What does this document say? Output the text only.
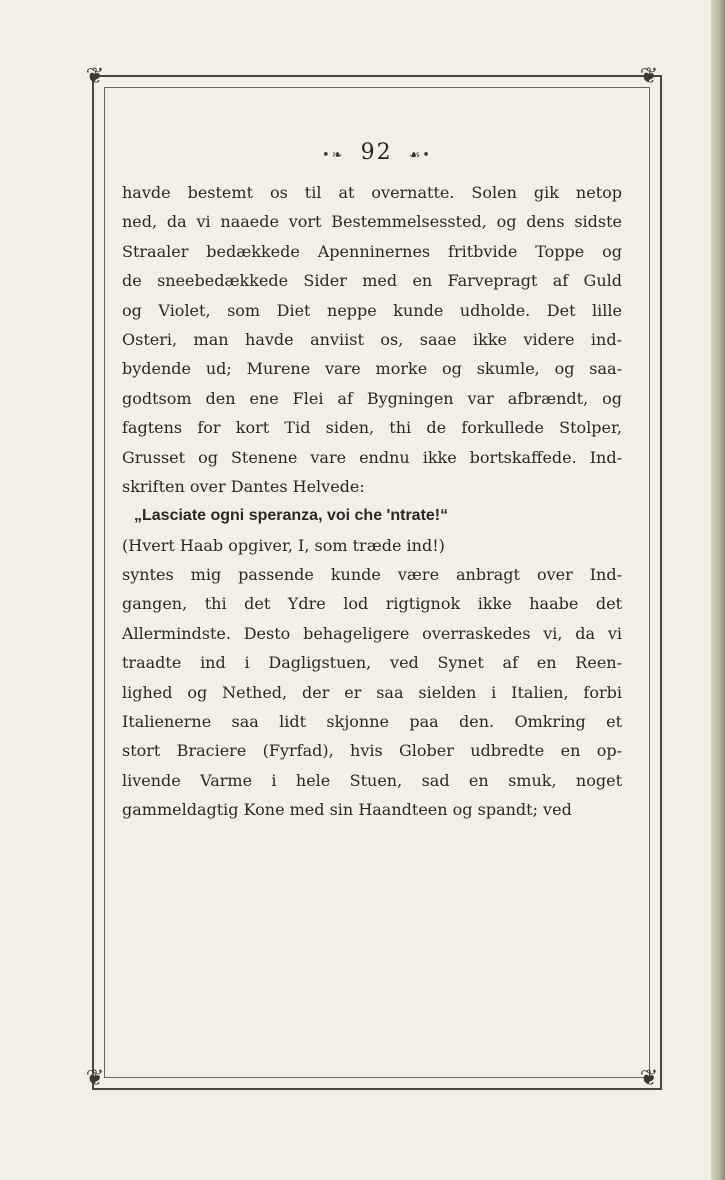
❦	❦
❦	❦
•❧ 92 ☙•
havde bestemt os til at overnatte. Solen gik netop
ned, da vi naaede vort Bestemmelsessted, og dens sidste
Straaler bedækkede Apenninernes fritbvide Toppe og
de sneebedækkede Sider med en Farvepragt af Guld
og Violet, som Diet neppe kunde udholde. Det lille
Osteri, man havde anviist os, saae ikke videre ind-
bydende ud; Murene vare morke og skumle, og saa-
godtsom den ene Flei af Bygningen var afbrændt, og
fagtens for kort Tid siden, thi de forkullede Stolper,
Grusset og Stenene vare endnu ikke bortskaffede. Ind-
skriften over Dantes Helvede:
„Lasciate ogni speranza, voi che 'ntrate!“
(Hvert Haab opgiver, I, som træde ind!)
syntes mig passende kunde være anbragt over Ind-
gangen, thi det Ydre lod rigtignok ikke haabe det
Allermindste. Desto behageligere overraskedes vi, da vi
traadte ind i Dagligstuen, ved Synet af en Reen-
lighed og Nethed, der er saa sielden i Italien, forbi
Italienerne saa lidt skjonne paa den. Omkring et
stort Braciere (Fyrfad), hvis Glober udbredte en op-
livende Varme i hele Stuen, sad en smuk, noget
gammeldagtig Kone med sin Haandteen og spandt; ved
